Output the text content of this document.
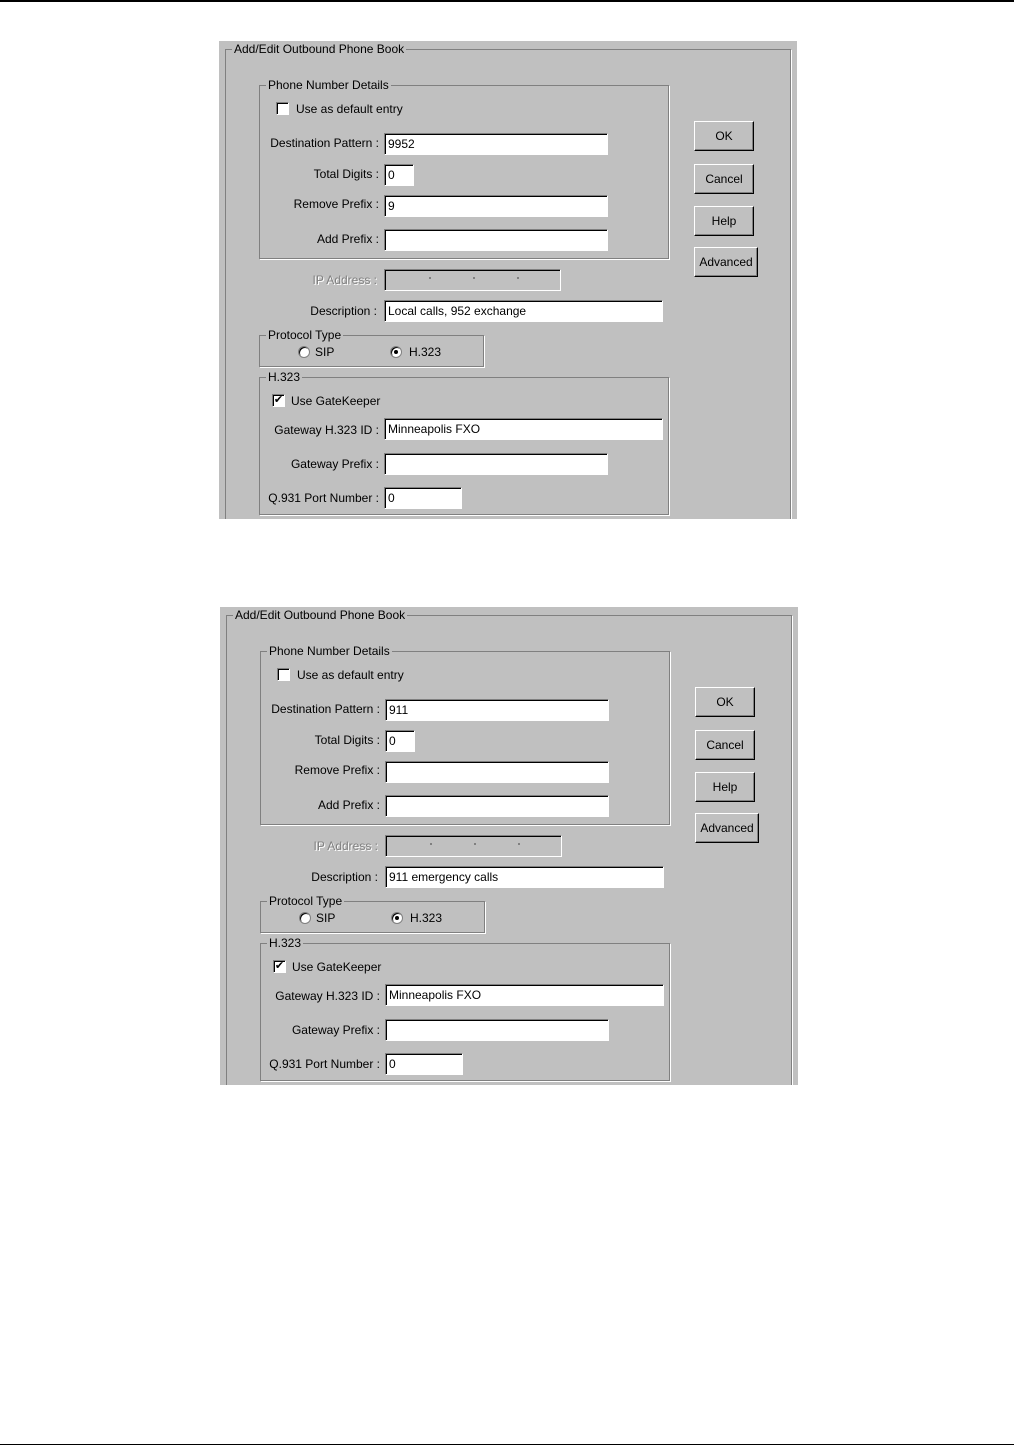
Add/Edit Outbound Phone Book
Phone Number Details
Use as default entry
Destination Pattern : 9952
Total Digits : 0
Remove Prefix : 9
Add Prefix :
IP Address :
Description : Local calls, 952 exchange
Protocol Type
SIP	H.323
H.323
✔ Use GateKeeper
Gateway H.323 ID : Minneapolis FXO
Gateway Prefix :
Q.931 Port Number : 0
OK
Cancel
Help
Advanced
Add/Edit Outbound Phone Book
Phone Number Details
Use as default entry
Destination Pattern : 911
Total Digits : 0
Remove Prefix :
Add Prefix :
IP Address :
Description : 911 emergency calls
Protocol Type
SIP	H.323
H.323
✔ Use GateKeeper
Gateway H.323 ID : Minneapolis FXO
Gateway Prefix :
Q.931 Port Number : 0
OK
Cancel
Help
Advanced
